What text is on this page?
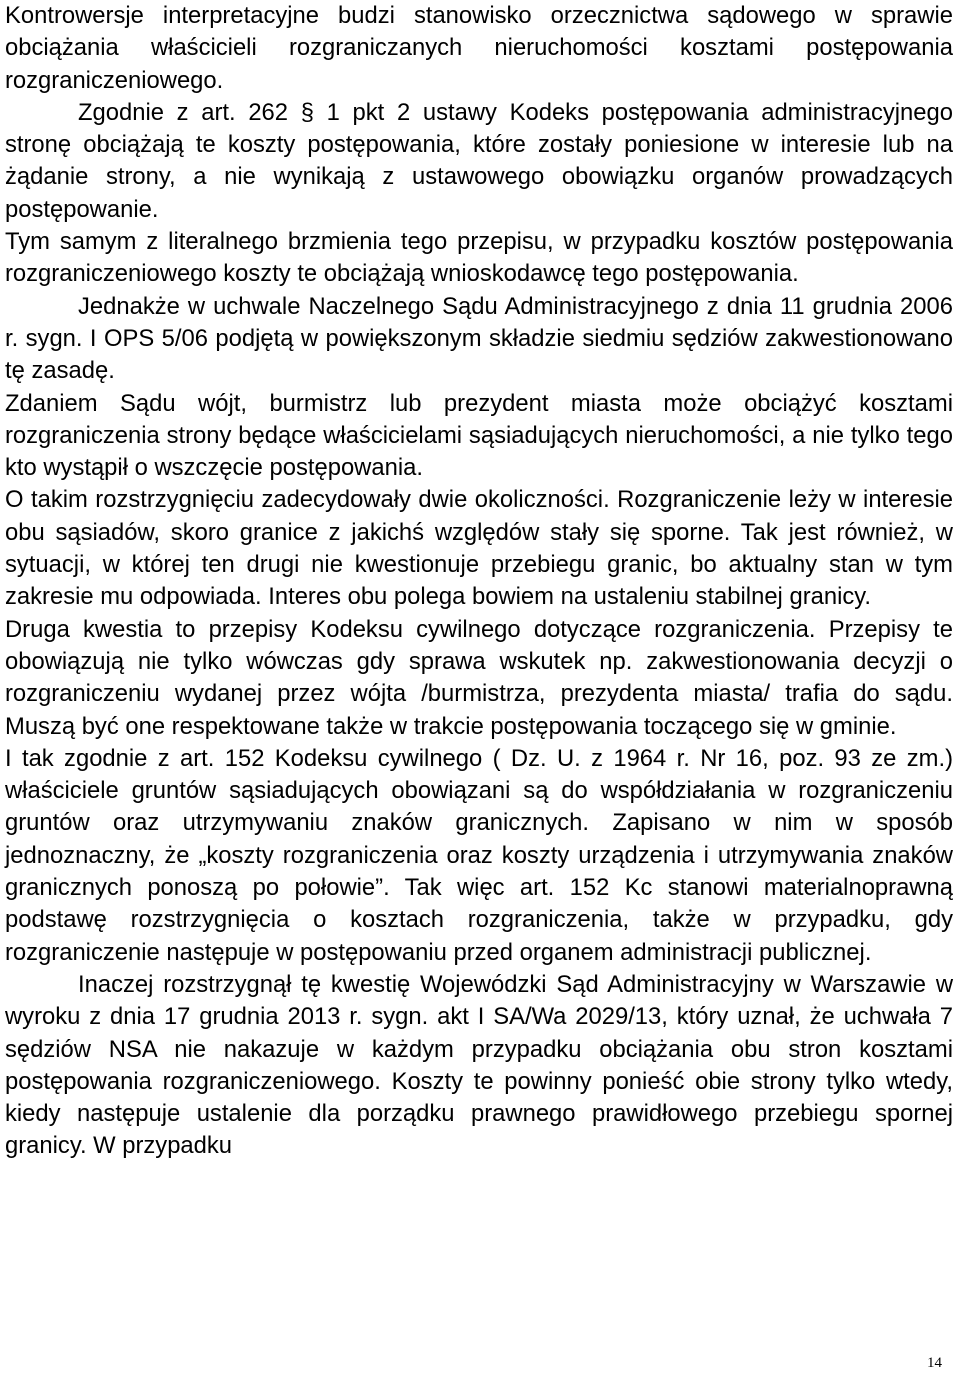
Kontrowersje interpretacyjne budzi stanowisko orzecznictwa sądowego w sprawie obciążania właścicieli rozgraniczanych nieruchomości kosztami postępowania rozgraniczeniowego.

Zgodnie z art. 262 § 1 pkt 2 ustawy Kodeks postępowania administracyjnego stronę obciążają te koszty postępowania, które zostały poniesione w interesie lub na żądanie strony, a nie wynikają z ustawowego obowiązku organów prowadzących postępowanie.

Tym samym z literalnego brzmienia tego przepisu, w przypadku kosztów postępowania rozgraniczeniowego koszty te obciążają wnioskodawcę tego postępowania.

Jednakże w uchwale Naczelnego Sądu Administracyjnego z dnia 11 grudnia 2006 r. sygn. I OPS 5/06 podjętą w powiększonym składzie siedmiu sędziów zakwestionowano tę zasadę.

Zdaniem Sądu wójt, burmistrz lub prezydent miasta może obciążyć kosztami rozgraniczenia strony będące właścicielami sąsiadujących nieruchomości, a nie tylko tego kto wystąpił o wszczęcie postępowania.

O takim rozstrzygnięciu zadecydowały dwie okoliczności. Rozgraniczenie leży w interesie obu sąsiadów, skoro granice z jakichś względów stały się sporne. Tak jest również, w sytuacji, w której ten drugi nie kwestionuje przebiegu granic, bo aktualny stan w tym zakresie mu odpowiada. Interes obu polega bowiem na ustaleniu stabilnej granicy.

Druga kwestia to przepisy Kodeksu cywilnego dotyczące rozgraniczenia. Przepisy te obowiązują nie tylko wówczas gdy sprawa wskutek np. zakwestionowania decyzji o rozgraniczeniu wydanej przez wójta /burmistrza, prezydenta miasta/ trafia do sądu. Muszą być one respektowane także w trakcie postępowania toczącego się w gminie.

I tak zgodnie z art. 152 Kodeksu cywilnego ( Dz. U. z 1964 r. Nr 16, poz. 93 ze zm.) właściciele gruntów sąsiadujących obowiązani są do współdziałania w rozgraniczeniu gruntów oraz utrzymywaniu znaków granicznych. Zapisano w nim w sposób jednoznaczny, że „koszty rozgraniczenia oraz koszty urządzenia i utrzymywania znaków granicznych ponoszą po połowie”. Tak więc art. 152 Kc stanowi materialnoprawną podstawę rozstrzygnięcia o kosztach rozgraniczenia, także w przypadku, gdy rozgraniczenie następuje w postępowaniu przed organem administracji publicznej.

Inaczej rozstrzygnął tę kwestię Wojewódzki Sąd Administracyjny w Warszawie w wyroku z dnia 17 grudnia 2013 r. sygn. akt I SA/Wa 2029/13, który uznał, że uchwała 7 sędziów NSA nie nakazuje w każdym przypadku obciążania obu stron kosztami postępowania rozgraniczeniowego. Koszty te powinny ponieść obie strony tylko wtedy, kiedy następuje ustalenie dla porządku prawnego prawidłowego przebiegu spornej granicy. W przypadku

14
